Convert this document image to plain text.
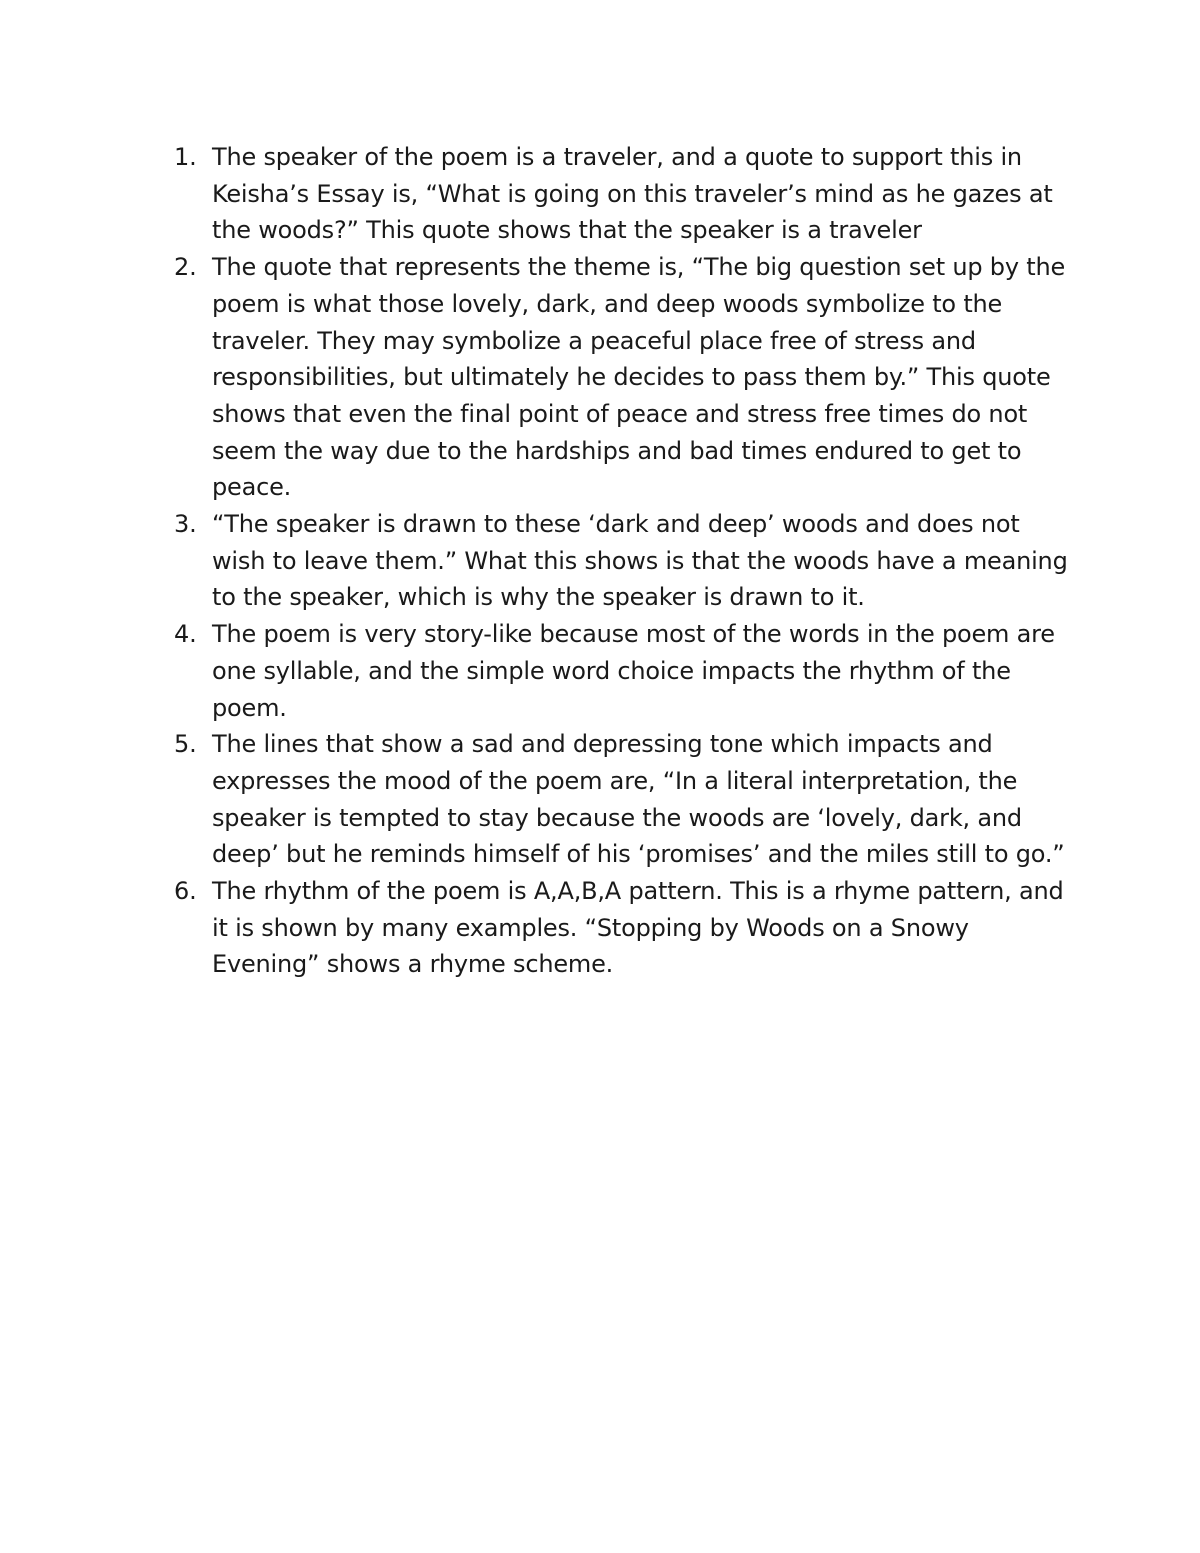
1. The speaker of the poem is a traveler, and a quote to support this in Keisha’s Essay is, “What is going on this traveler’s mind as he gazes at the woods?” This quote shows that the speaker is a traveler
2. The quote that represents the theme is, “The big question set up by the poem is what those lovely, dark, and deep woods symbolize to the traveler. They may symbolize a peaceful place free of stress and responsibilities, but ultimately he decides to pass them by.” This quote shows that even the final point of peace and stress free times do not seem the way due to the hardships and bad times endured to get to peace.
3. “The speaker is drawn to these ‘dark and deep’ woods and does not wish to leave them.” What this shows is that the woods have a meaning to the speaker, which is why the speaker is drawn to it.
4. The poem is very story-like because most of the words in the poem are one syllable, and the simple word choice impacts the rhythm of the poem.
5. The lines that show a sad and depressing tone which impacts and expresses the mood of the poem are, “In a literal interpretation, the speaker is tempted to stay because the woods are ‘lovely, dark, and deep’ but he reminds himself of his ‘promises’ and the miles still to go.”
6. The rhythm of the poem is A,A,B,A pattern. This is a rhyme pattern, and it is shown by many examples. “Stopping by Woods on a Snowy Evening” shows a rhyme scheme.
